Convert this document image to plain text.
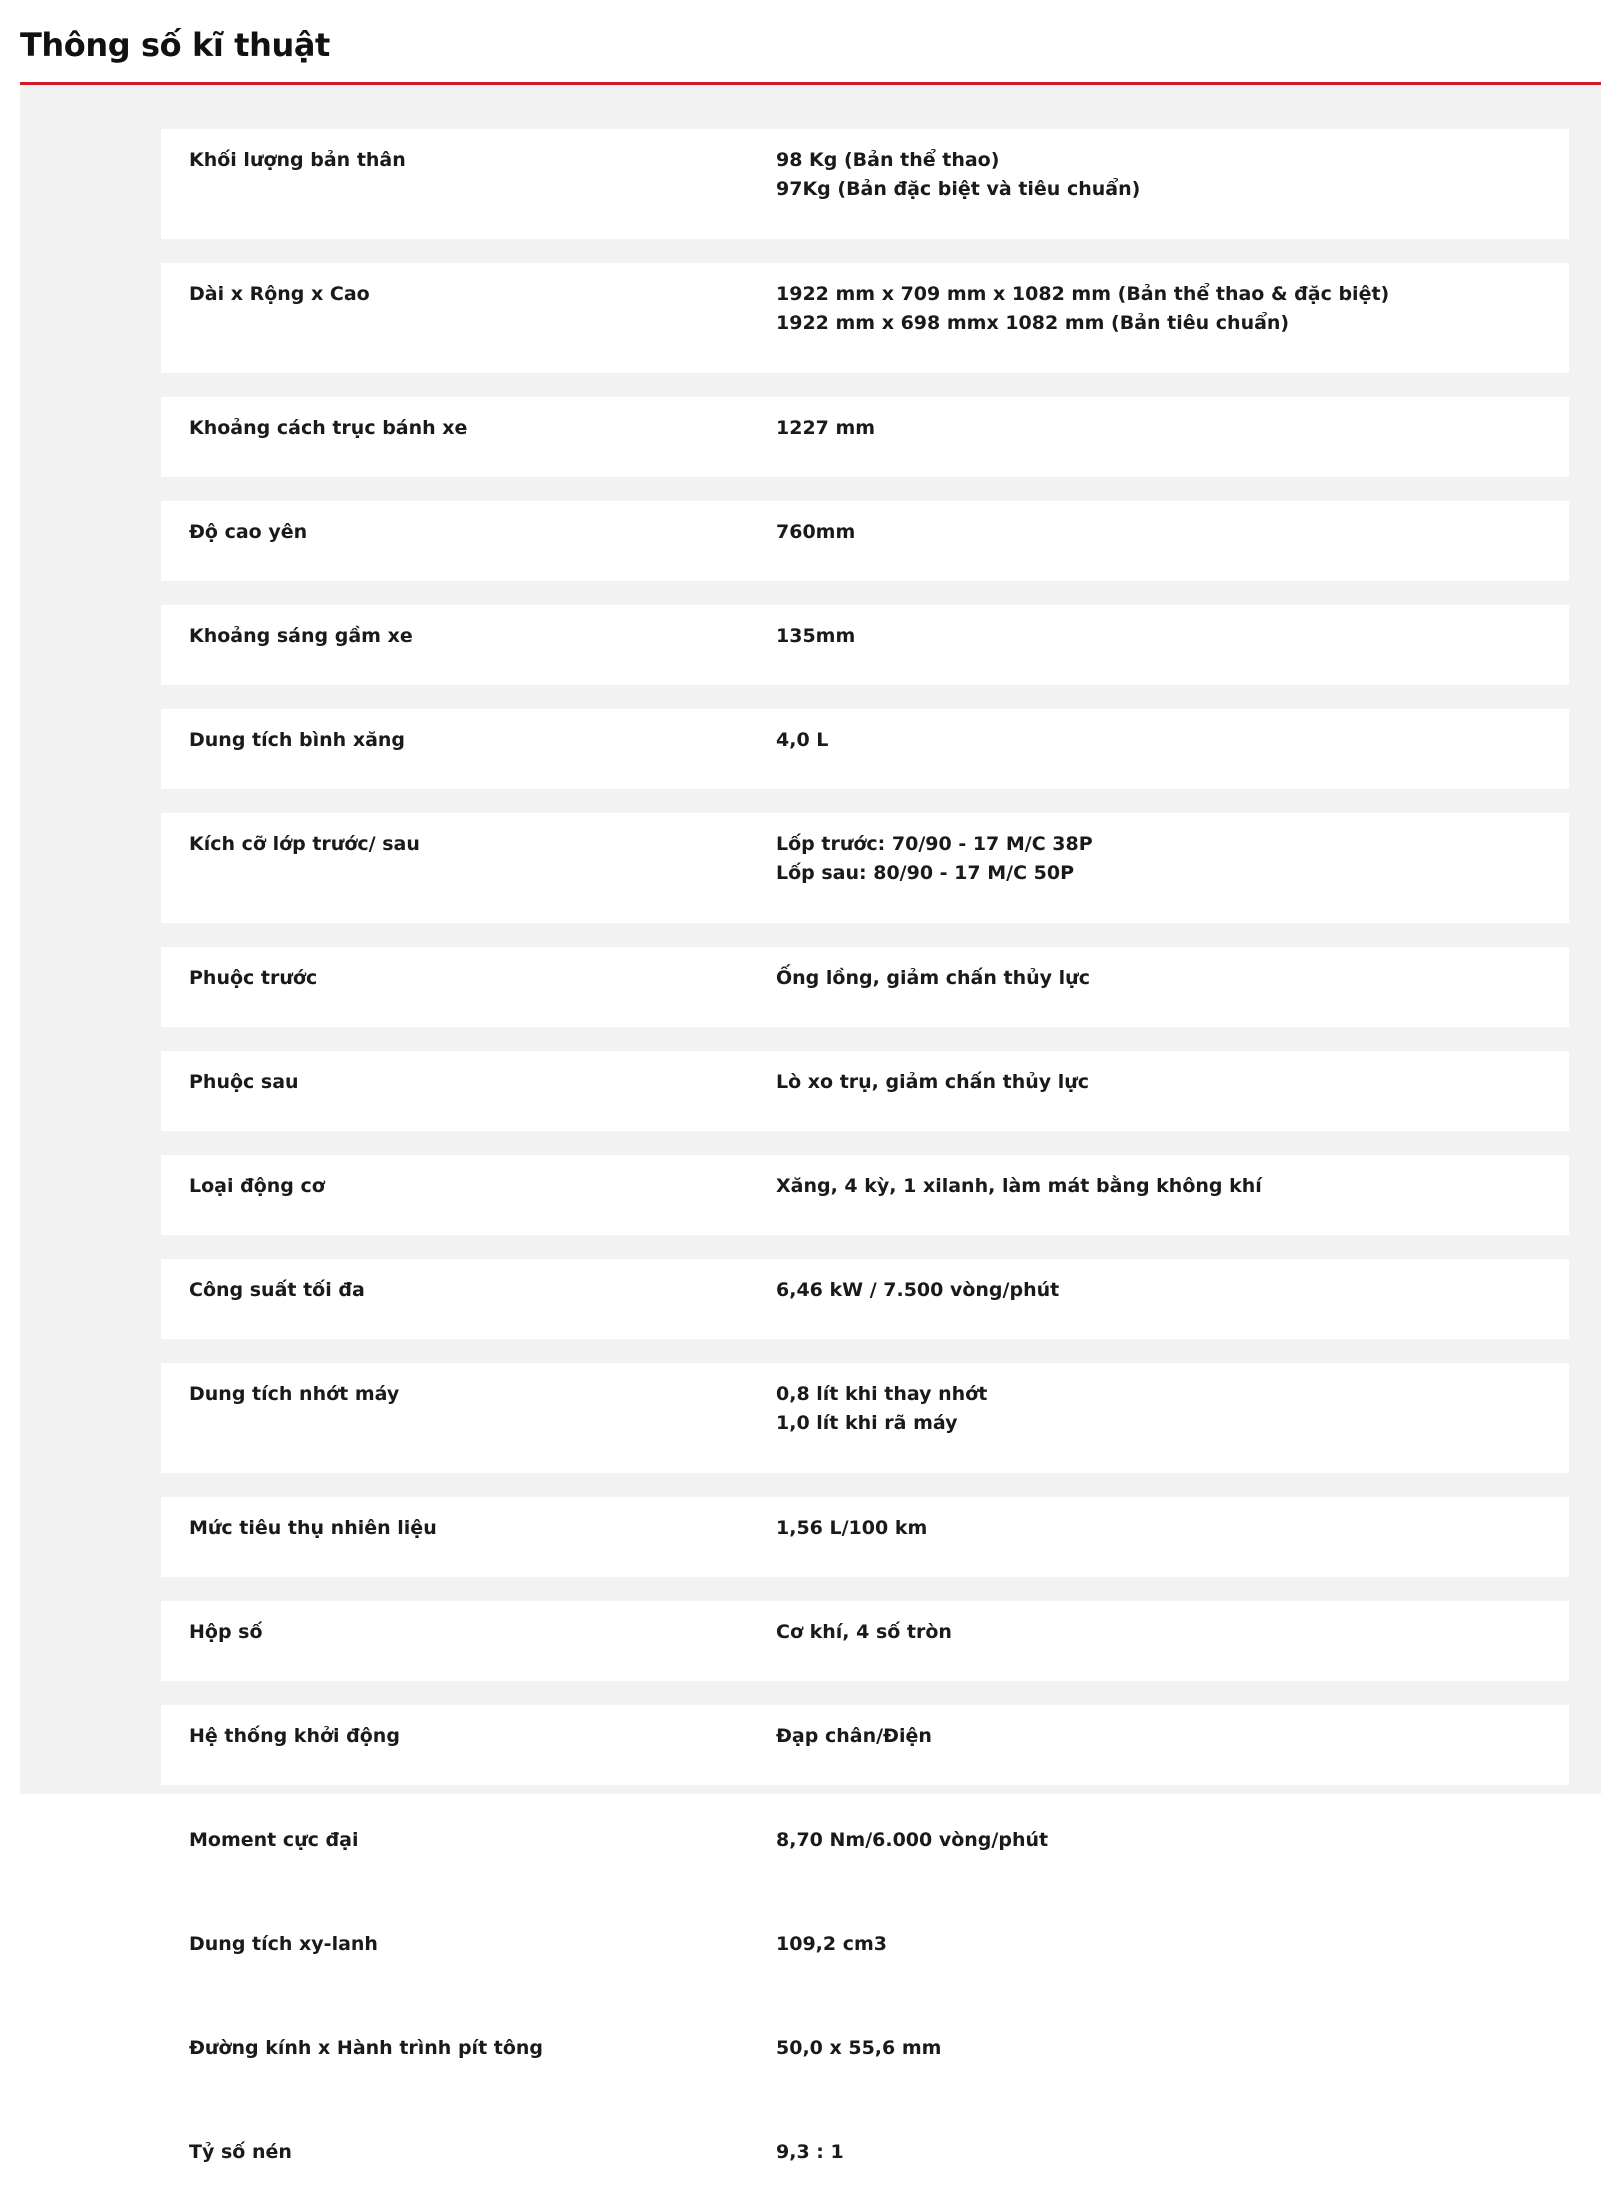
Thông số kĩ thuật
Khối lượng bản thân	98 Kg (Bản thể thao)
97Kg (Bản đặc biệt và tiêu chuẩn)
Dài x Rộng x Cao	1922 mm x 709 mm x 1082 mm (Bản thể thao & đặc biệt)
1922 mm x 698 mmx 1082 mm (Bản tiêu chuẩn)
Khoảng cách trục bánh xe	1227 mm
Độ cao yên	760mm
Khoảng sáng gầm xe	135mm
Dung tích bình xăng	4,0 L
Kích cỡ lớp trước/ sau	Lốp trước: 70/90 - 17 M/C 38P
Lốp sau: 80/90 - 17 M/C 50P
Phuộc trước	Ống lồng, giảm chấn thủy lực
Phuộc sau	Lò xo trụ, giảm chấn thủy lực
Loại động cơ	Xăng, 4 kỳ, 1 xilanh, làm mát bằng không khí
Công suất tối đa	6,46 kW / 7.500 vòng/phút
Dung tích nhớt máy	0,8 lít khi thay nhớt
1,0 lít khi rã máy
Mức tiêu thụ nhiên liệu	1,56 L/100 km
Hộp số	Cơ khí, 4 số tròn
Hệ thống khởi động	Đạp chân/Điện
Moment cực đại	8,70 Nm/6.000 vòng/phút
Dung tích xy-lanh	109,2 cm3
Đường kính x Hành trình pít tông	50,0 x 55,6 mm
Tỷ số nén	9,3 : 1
